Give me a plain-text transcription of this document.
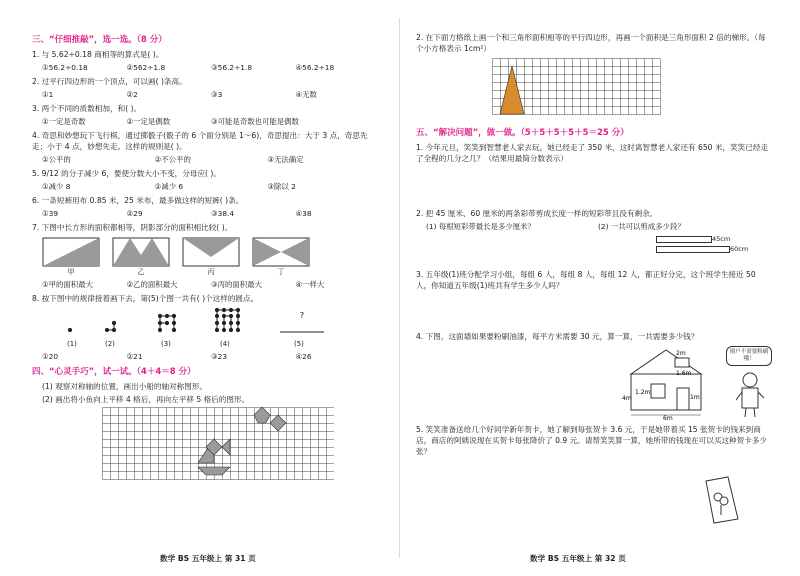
三、“仔细推敲”，选一选。（8 分）
1. 与 5.62÷0.18 商相等的算式是( )。
①56.2÷0.18	②562÷1.8	③56.2÷1.8	④56.2÷18
2. 过平行四边形的一个顶点，可以画( )条高。
①1	②2	③3	④无数
3. 两个不同的质数相加，和( )。
①一定是奇数	②一定是偶数	③可能是奇数也可能是偶数
4. 奇思和妙想玩下飞行棋，通过掷骰子(骰子的 6 个面分别是 1～6)，奇思提出：大于 3 点，奇思先走；小于 4 点，妙想先走。这样的规则是( )。
①公平的	②不公平的	③无法确定
5. 9/12 的分子减少 6，要使分数大小不变，分母应( )。
①减少 8	②减少 6	③除以 2
6. 一条短裤用布 0.85 米，25 米布，最多做这样的短裤( )条。
①39	②29	③38.4	④38
7. 下图中长方形的面积都相等，阴影部分的面积相比较( )。
甲	乙	丙	丁
①甲的面积最大	②乙的面积最大	③丙的面积最大	④一样大
8. 按下图中的规律接着画下去，第(5)个图一共有( )个这样的圆点。
?
(1)	(2)	(3)	(4)	(5)
①20	②21	③23	④26
四、“心灵手巧”，试一试。（4＋4＝8 分）
(1) 观察对称轴的位置，画出小船的轴对称图形。
(2) 画出将小鱼向上平移 4 格后，再向左平移 5 格后的图形。
数学 BS 五年级上 第 31 页
2. 在下面方格纸上画一个和三角形面积相等的平行四边形，再画一个面积是三角形面积 2 倍的梯形。（每个小方格表示 1cm²）
五、“解决问题”，做一做。（5＋5＋5＋5＋5＝25 分）
1. 今年元旦，笑笑到智慧老人家去玩。她已经走了 350 米，这时离智慧老人家还有 650 米，笑笑已经走了全程的几分之几？（结果用最简分数表示）
2. 把 45 厘米、60 厘米的两条彩带剪成长度一样的短彩带且没有剩余。
(1) 每根短彩带最长是多少厘米？	(2) 一共可以剪成多少段？
45cm
60cm
3. 五年级(1)班分配学习小组，每组 6 人，每组 8 人，每组 12 人，都正好分完，这个班学生接近 50 人，你知道五年级(1)班共有学生多少人吗？
4. 下图，这面墙如果要粉刷油漆，每平方米需要 30 元，算一算，一共需要多少钱？
2m
1.6m
1.2m
1m
4m
6m
窗户不需要粉刷哦！
5. 笑笑准备送给几个好同学新年贺卡，她了解到每张贺卡 3.6 元，于是她带着买 15 张贺卡的钱来到商店，商店的阿姨说现在买贺卡每张降价了 0.9 元。请帮笑笑算一算，她所带的钱现在可以买这种贺卡多少张？
数学 BS 五年级上 第 32 页
